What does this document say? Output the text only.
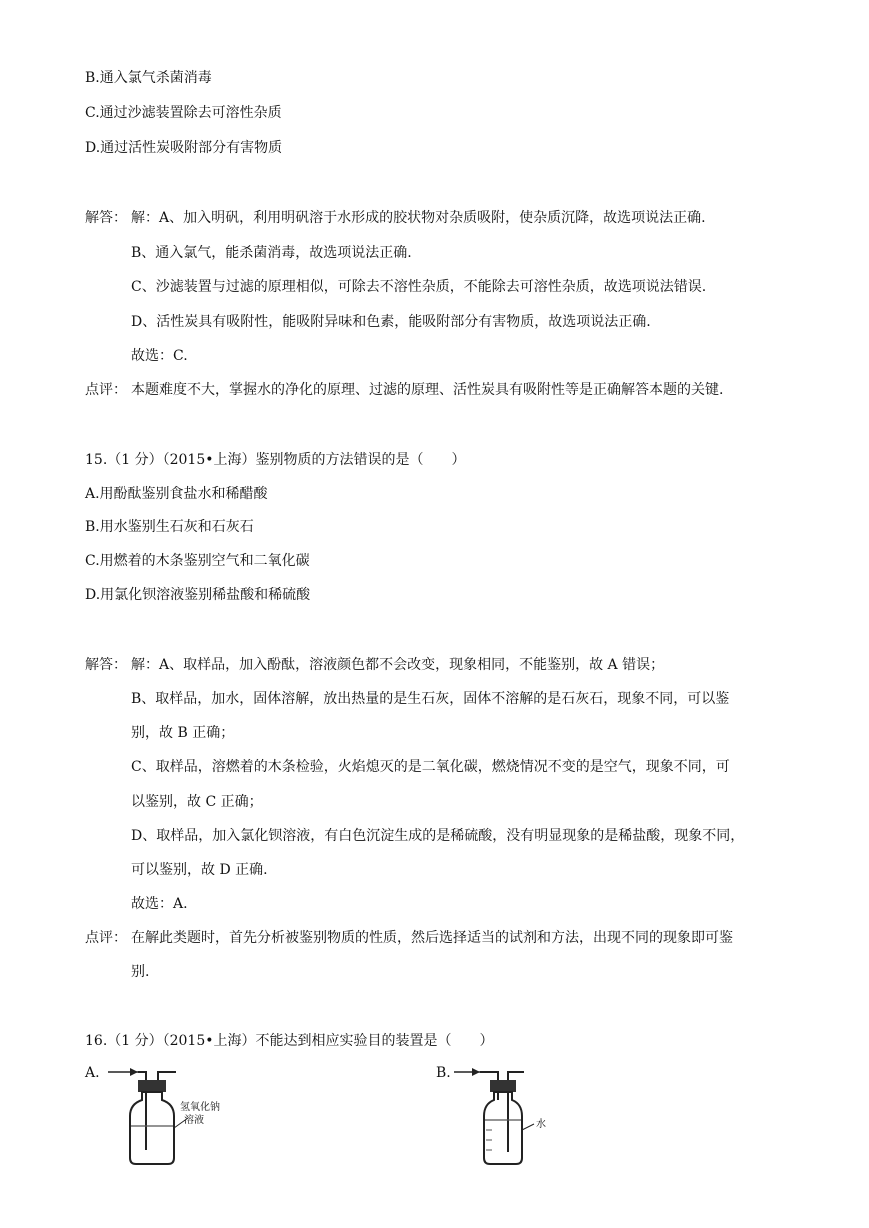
B.通入氯气杀菌消毒
C.通过沙滤装置除去可溶性杂质
D.通过活性炭吸附部分有害物质
解答： 解：A、加入明矾，利用明矾溶于水形成的胶状物对杂质吸附，使杂质沉降，故选项说法正确.
B、通入氯气，能杀菌消毒，故选项说法正确.
C、沙滤装置与过滤的原理相似，可除去不溶性杂质，不能除去可溶性杂质，故选项说法错误.
D、活性炭具有吸附性，能吸附异味和色素，能吸附部分有害物质，故选项说法正确.
故选：C.
点评： 本题难度不大，掌握水的净化的原理、过滤的原理、活性炭具有吸附性等是正确解答本题的关键.
15.（1 分）（2015•上海）鉴别物质的方法错误的是（　　）
A.用酚酞鉴别食盐水和稀醋酸
B.用水鉴别生石灰和石灰石
C.用燃着的木条鉴别空气和二氧化碳
D.用氯化钡溶液鉴别稀盐酸和稀硫酸
解答： 解：A、取样品，加入酚酞，溶液颜色都不会改变，现象相同，不能鉴别，故 A 错误；
B、取样品，加水，固体溶解，放出热量的是生石灰，固体不溶解的是石灰石，现象不同，可以鉴
别，故 B 正确；
C、取样品，溶燃着的木条检验，火焰熄灭的是二氧化碳，燃烧情况不变的是空气，现象不同，可
以鉴别，故 C 正确；
D、取样品，加入氯化钡溶液，有白色沉淀生成的是稀硫酸，没有明显现象的是稀盐酸，现象不同，
可以鉴别，故 D 正确.
故选：A.
点评： 在解此类题时，首先分析被鉴别物质的性质，然后选择适当的试剂和方法，出现不同的现象即可鉴
别.
16.（1 分）（2015•上海）不能达到相应实验目的装置是（　　）
A.
氢氧化钠
溶液
B.
水
